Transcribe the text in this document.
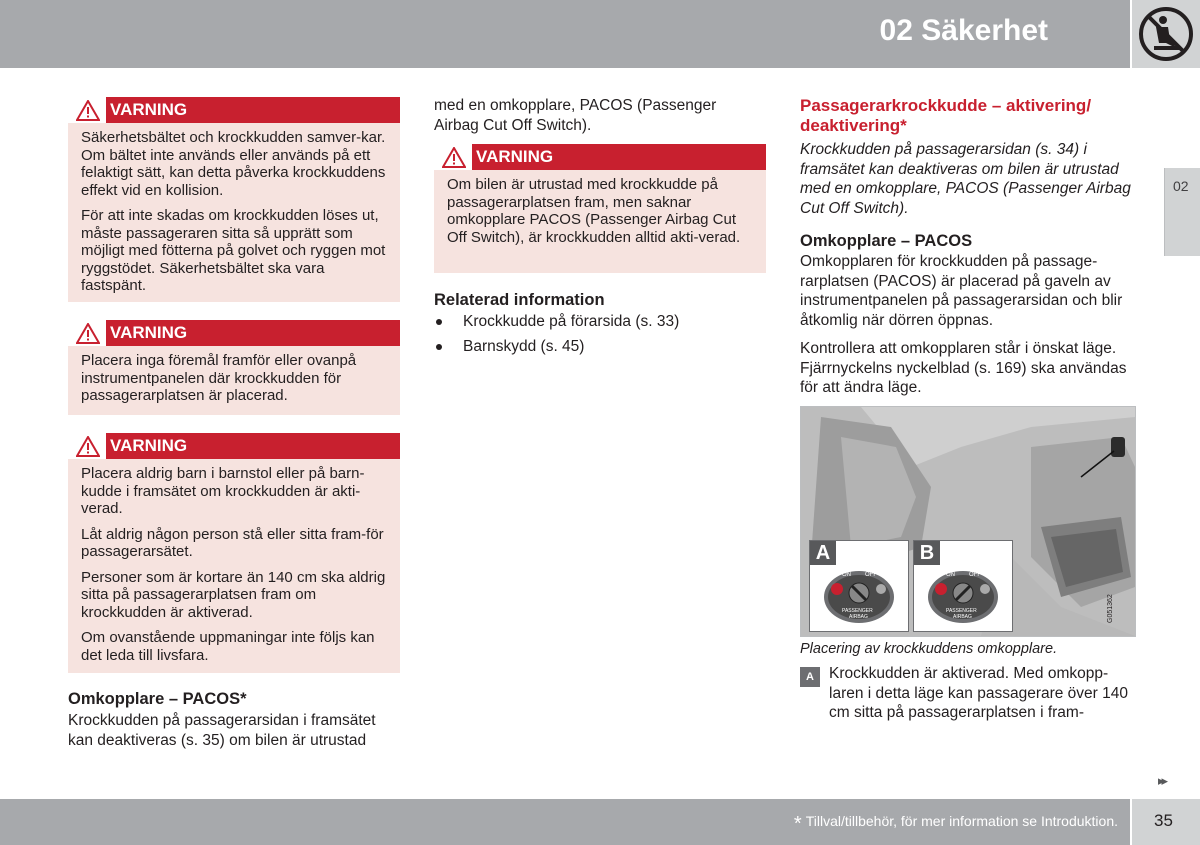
02 Säkerhet
02
VARNING

Säkerhetsbältet och krockkudden samver-kar. Om bältet inte används eller används på ett felaktigt sätt, kan detta påverka krockkuddens effekt vid en kollision.

För att inte skadas om krockkudden löses ut, måste passageraren sitta så upprätt som möjligt med fötterna på golvet och ryggen mot ryggstödet. Säkerhetsbältet ska vara fastspänt.

VARNING

Placera inga föremål framför eller ovanpå instrumentpanelen där krockkudden för passagerarplatsen är placerad.

VARNING

Placera aldrig barn i barnstol eller på barn-kudde i framsätet om krockkudden är akti-verad.

Låt aldrig någon person stå eller sitta fram-för passagerarsätet.

Personer som är kortare än 140 cm ska aldrig sitta på passagerarplatsen fram om krockkudden är aktiverad.

Om ovanstående uppmaningar inte följs kan det leda till livsfara.

Omkopplare – PACOS*

Krockkudden på passagerarsidan i framsätet kan deaktiveras (s. 35) om bilen är utrustad

med en omkopplare, PACOS (Passenger Airbag Cut Off Switch).

VARNING

Om bilen är utrustad med krockkudde på passagerarplatsen fram, men saknar omkopplare PACOS (Passenger Airbag Cut Off Switch), är krockkudden alltid akti-verad.

Relaterad information
Krockkudde på förarsida (s. 33)
Barnskydd (s. 45)
Passagerarkrockkudde – aktivering/ deaktivering*

Krockkudden på passagerarsidan (s. 34) i framsätet kan deaktiveras om bilen är utrustad med en omkopplare, PACOS (Passenger Airbag Cut Off Switch).

Omkopplare – PACOS

Omkopplaren för krockkudden på passage-rarplatsen (PACOS) är placerad på gaveln av instrumentpanelen på passagerarsidan och blir åtkomlig när dörren öppnas.

Kontrollera att omkopplaren står i önskat läge. Fjärrnyckelns nyckelblad (s. 169) ska användas för att ändra läge.

A
ON OFF
PASSENGER
AIRBAG
B
ON OFF
PASSENGER
AIRBAG	G051362
Placering av krockkuddens omkopplare.
A Krockkudden är aktiverad. Med omkopp-laren i detta läge kan passagerare över 140 cm sitta på passagerarplatsen i fram-

▸▸
* Tillval/tillbehör, för mer information se Introduktion. 35
